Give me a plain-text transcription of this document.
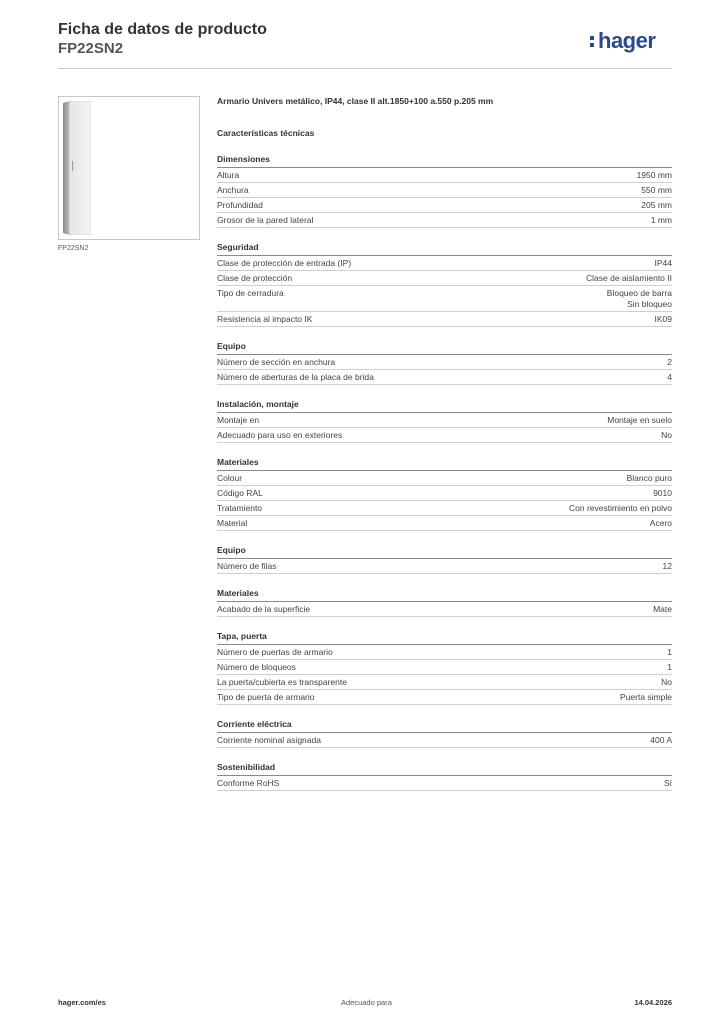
Ficha de datos de producto
FP22SN2	hager
FP22SN2

Armario Univers metálico, IP44, clase II alt.1850+100 a.550 p.205 mm

Características técnicas

Dimensiones
Altura	1950 mm
Anchura	550 mm
Profundidad	205 mm
Grosor de la pared lateral	1 mm
Seguridad
Clase de protección de entrada (IP)	IP44
Clase de protección	Clase de aislamiento II
Tipo de cerradura	Bloqueo de barra
Sin bloqueo
Resistencia al impacto IK	IK09
Equipo
Número de sección en anchura	2
Número de aberturas de la placa de brida	4
Instalación, montaje
Montaje en	Montaje en suelo
Adecuado para uso en exteriores	No
Materiales
Colour	Blanco puro
Código RAL	9010
Tratamiento	Con revestimiento en polvo
Material	Acero
Equipo
Número de filas	12
Materiales
Acabado de la superficie	Mate
Tapa, puerta
Número de puertas de armario	1
Número de bloqueos	1
La puerta/cubierta es transparente	No
Tipo de puerta de armario	Puerta simple
Corriente eléctrica
Corriente nominal asignada	400 A
Sostenibilidad
Conforme RoHS	Sí
hager.com/es	Adecuado para	14.04.2026
